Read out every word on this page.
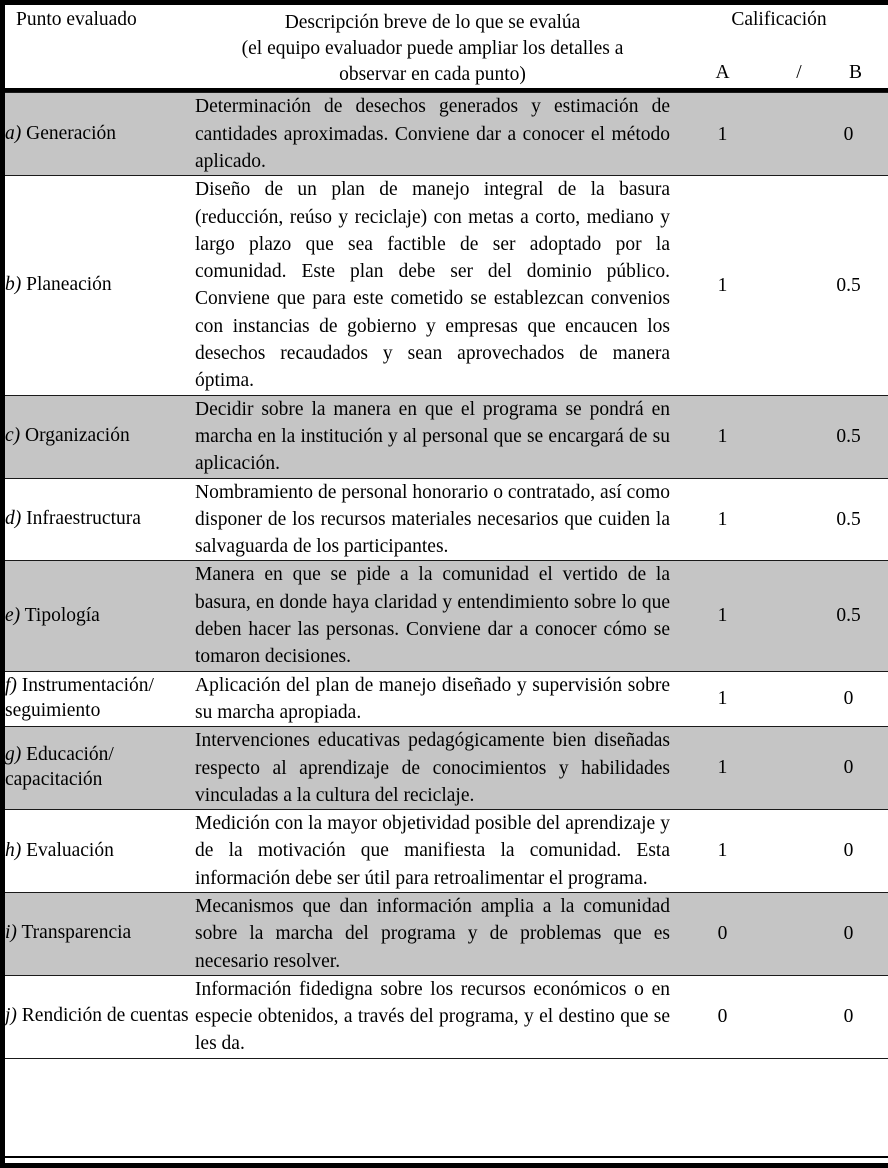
Punto evaluado	Descripción breve de lo que se evalúa
(el equipo evaluador puede ampliar los detalles a
observar en cada punto)	Calificación		
		A	/	B

a) Generación	Determinación de desechos generados y estimación de cantidades aproximadas. Conviene dar a conocer el método aplicado.	1		0
b) Planeación	Diseño de un plan de manejo integral de la basura (reducción, reúso y reciclaje) con metas a corto, mediano y largo plazo que sea factible de ser adoptado por la comunidad. Este plan debe ser del dominio público. Conviene que para este cometido se establezcan convenios con instancias de gobierno y empresas que encaucen los desechos recaudados y sean aprovechados de manera óptima.	1		0.5
c) Organización	Decidir sobre la manera en que el programa se pondrá en marcha en la institución y al personal que se encargará de su aplicación.	1		0.5
d) Infraestructura	Nombramiento de personal honorario o contratado, así como disponer de los recursos materiales necesarios que cuiden la salvaguarda de los participantes.	1		0.5
e) Tipología	Manera en que se pide a la comunidad el vertido de la basura, en donde haya claridad y entendimiento sobre lo que deben hacer las personas. Conviene dar a conocer cómo se tomaron decisiones.	1		0.5
f) Instrumentación/ seguimiento	Aplicación del plan de manejo diseñado y supervisión sobre su marcha apropiada.	1		0
g) Educación/ capacitación	Intervenciones educativas pedagógicamente bien diseñadas respecto al aprendizaje de conocimientos y habilidades vinculadas a la cultura del reciclaje.	1		0
h) Evaluación	Medición con la mayor objetividad posible del aprendizaje y de la motivación que manifiesta la comunidad. Esta información debe ser útil para retroalimentar el programa.	1		0
i) Transparencia	Mecanismos que dan información amplia a la comunidad sobre la marcha del programa y de problemas que es necesario resolver.	0		0
j) Rendición de cuentas	Información fidedigna sobre los recursos económicos o en especie obtenidos, a través del programa, y el destino que se les da.	0		0
